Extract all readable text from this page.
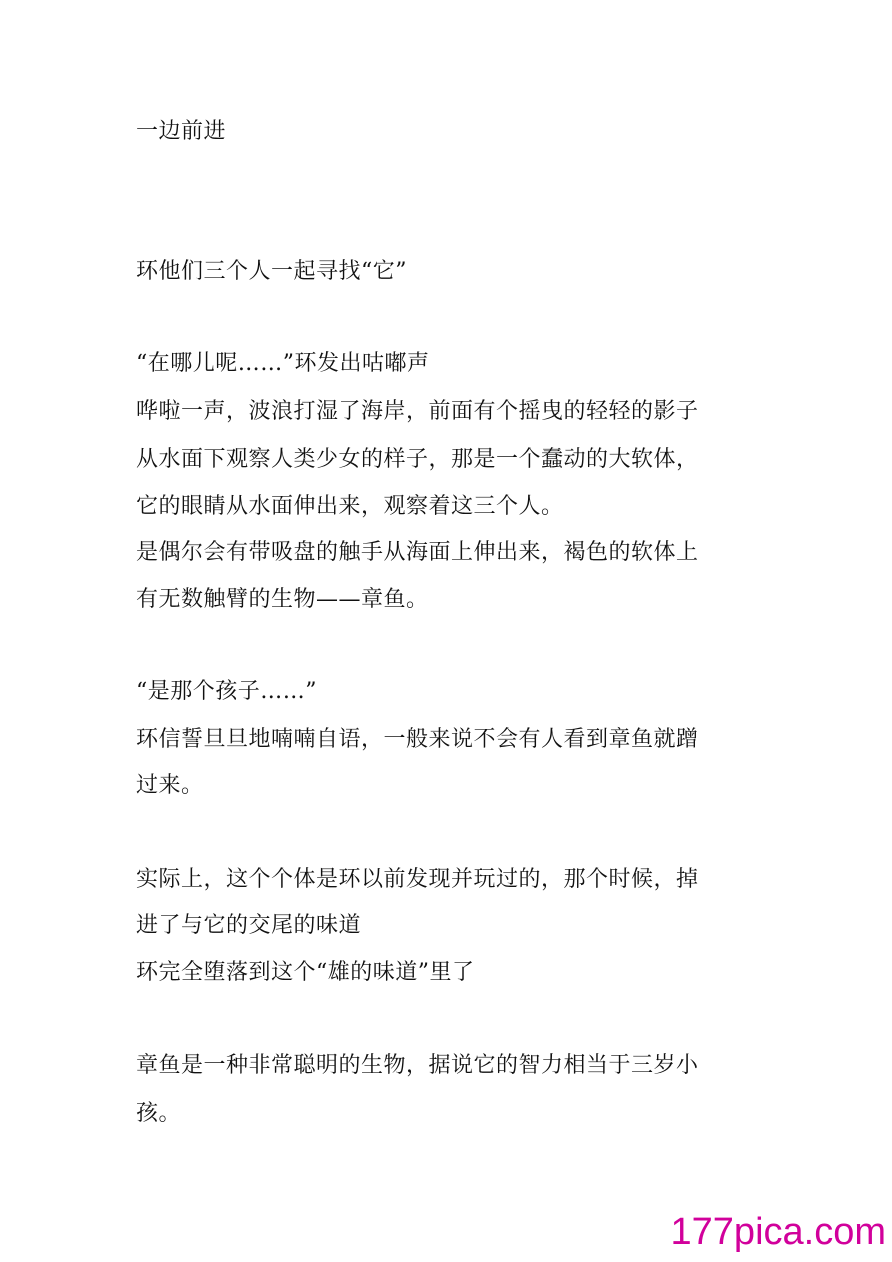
一边前进
环他们三个人一起寻找“它”
“在哪儿呢……”环发出咕嘟声
哗啦一声，波浪打湿了海岸，前面有个摇曳的轻轻的影子
从水面下观察人类少女的样子，那是一个蠢动的大软体，
它的眼睛从水面伸出来，观察着这三个人。
是偶尔会有带吸盘的触手从海面上伸出来，褐色的软体上
有无数触臂的生物——章鱼。
“是那个孩子……”
环信誓旦旦地喃喃自语，一般来说不会有人看到章鱼就蹭
过来。
实际上，这个个体是环以前发现并玩过的，那个时候，掉
进了与它的交尾的味道
环完全堕落到这个“雄的味道”里了
章鱼是一种非常聪明的生物，据说它的智力相当于三岁小
孩。
177pica.com
